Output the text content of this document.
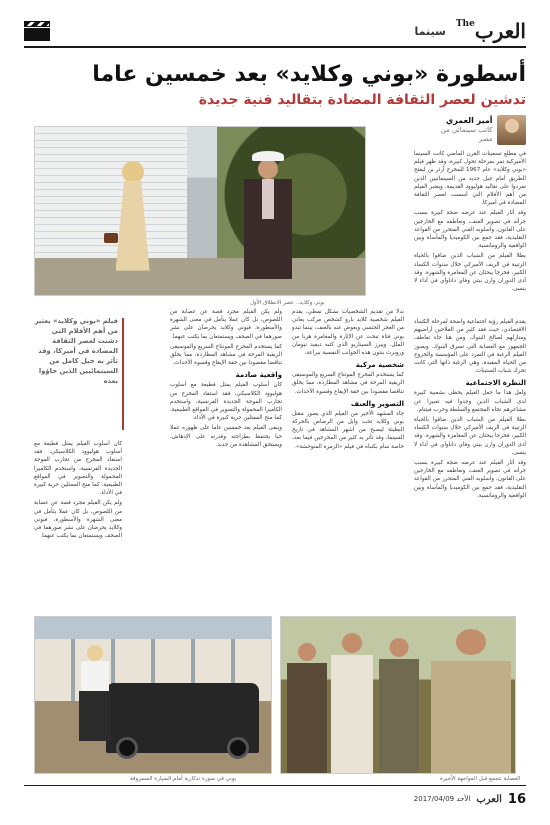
العرب
The
سينما
أسطورة «بوني وكلايد» بعد خمسين عاما
تدشين لعصر الثقافة المضادة بتقاليد فنية جديدة
أمير العمري
كاتب سينمائي من مصر
بوني وكلايد.. عصر الانطلاق الأول

في مطلع تسعينات القرن الماضي كانت السينما الأميركية تمر بمرحلة تحول كبيرة، وقد ظهر فيلم «بوني وكلايد» عام 1967 للمخرج آرثر بن ليفتح الطريق أمام جيل جديد من السينمائيين الذين تمردوا على تقاليد هوليوود القديمة. ويعتبر الفيلم من أهم الأفلام التي أسست لعصر الثقافة المضادة في أميركا.

وقد أثار الفيلم عند عرضه ضجة كبيرة بسبب جرأته في تصوير العنف، وتعاطفه مع الخارجين على القانون، وأسلوبه الفني المتحرر من القواعد التقليدية، فقد جمع بين الكوميديا والمأساة وبين الواقعية والرومانسية.

بطلا الفيلم من الشباب الذين ضاقوا بالحياة الرتيبة في الريف الأميركي خلال سنوات الكساد الكبير، فخرجا يبحثان عن المغامرة والشهرة. وقد أدى الدوران وارن بيتي وفاي داناواي في أداء لا ينسى.

يقدم الفيلم رؤية اجتماعية واضحة لمرحلة الكساد الاقتصادي، حيث فقد كثير من الفلاحين أراضيهم ومنازلهم لصالح البنوك، ومن هنا جاء تعاطف الجمهور مع العصابة التي تسرق البنوك. ويصور الفيلم الرغبة في التمرد على المؤسسة والخروج من الحياة المقيدة، وهي الرغبة ذاتها التي كانت تحرك شباب الستينات.

النظرة الاجتماعية

ولعل هذا ما جعل الفيلم يحظى بشعبية كبيرة لدى الشباب الذين وجدوا فيه تعبيرا عن مشاعرهم تجاه المجتمع والسلطة وحرب فيتنام.

بطلا الفيلم من الشباب الذين ضاقوا بالحياة الرتيبة في الريف الأميركي خلال سنوات الكساد الكبير، فخرجا يبحثان عن المغامرة والشهرة. وقد أدى الدوران وارن بيتي وفاي داناواي في أداء لا ينسى.

وقد أثار الفيلم عند عرضه ضجة كبيرة بسبب جرأته في تصوير العنف، وتعاطفه مع الخارجين على القانون، وأسلوبه الفني المتحرر من القواعد التقليدية، فقد جمع بين الكوميديا والمأساة وبين الواقعية والرومانسية.

بدلا من تقديم الشخصيات بشكل نمطي، يقدم الفيلم شخصية كلايد بارو كشخص مركب يعاني من العجز الجنسي ويعوض عنه بالعنف، بينما تبدو بوني فتاة تبحث عن الإثارة والمغامرة هربا من الملل. ويبرز السيناريو الذي كتبه ديفيد نيومان وروبرت بنتون هذه الجوانب النفسية ببراعة.

شخصية مركبة

كما يستخدم المخرج المونتاج السريع والموسيقى الريفية المرحة في مشاهد المطاردة، مما يخلق تناقضا مقصودا بين خفة الإيقاع وقسوة الأحداث.

التصوير والعنف

جاء المشهد الأخير من الفيلم الذي يصور مقتل بوني وكلايد تحت وابل من الرصاص بالحركة البطيئة ليصبح من أشهر المشاهد في تاريخ السينما، وقد تأثر به كثير من المخرجين فيما بعد، خاصة سام بكنباه في فيلم «الزمرة المتوحشة».

ولم يكن الفيلم مجرد قصة عن عصابة من اللصوص، بل كان عملا يتأمل في معنى الشهرة والأسطورة، فبوني وكلايد يحرصان على نشر صورهما في الصحف ويستمتعان بما يكتب عنهما.

كما يستخدم المخرج المونتاج السريع والموسيقى الريفية المرحة في مشاهد المطاردة، مما يخلق تناقضا مقصودا بين خفة الإيقاع وقسوة الأحداث.

واقعية صادمة

كان أسلوب الفيلم يمثل قطيعة مع أسلوب هوليوود الكلاسيكي، فقد استفاد المخرج من تجارب الموجة الجديدة الفرنسية، واستخدم الكاميرا المحمولة والتصوير في المواقع الطبيعية، كما منح الممثلين حرية كبيرة في الأداء.

ويبقى الفيلم بعد خمسين عاما على ظهوره عملا حيا يحتفظ بطزاجته وقدرته على الإدهاش، ويستحق المشاهدة من جديد.

فيلم «بوني وكلايد» يعتبر من أهم الأفلام التي دشنت لعصر الثقافة المضادة في أميركا، وقد تأثر به جيل كامل من السينمائيين الذين جاؤوا بعده

كان أسلوب الفيلم يمثل قطيعة مع أسلوب هوليوود الكلاسيكي، فقد استفاد المخرج من تجارب الموجة الجديدة الفرنسية، واستخدم الكاميرا المحمولة والتصوير في المواقع الطبيعية، كما منح الممثلين حرية كبيرة في الأداء.

ولم يكن الفيلم مجرد قصة عن عصابة من اللصوص، بل كان عملا يتأمل في معنى الشهرة والأسطورة، فبوني وكلايد يحرصان على نشر صورهما في الصحف ويستمتعان بما يكتب عنهما.

بوني في صورة تذكارية أمام السيارة المسروقة	العصابة تتجمع قبل المواجهة الأخيرة
الأحد 2017/04/09 العرب 16
